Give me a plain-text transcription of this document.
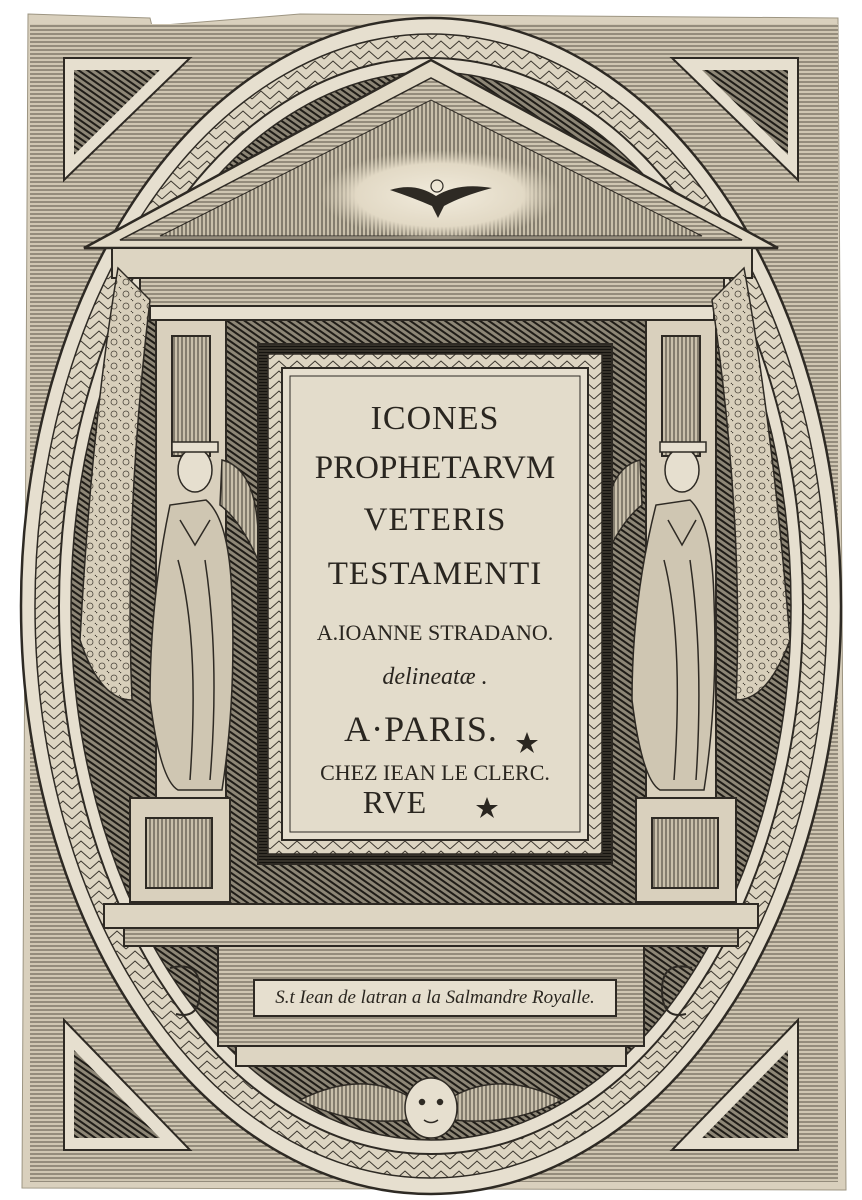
ICONES
PROPHETARVM
VETERIS
TESTAMENTI
A.IOANNE STRADANO.
delineatæ .
A·PARIS.
CHEZ IEAN LE CLERC.
RVE
S.t Iean de latran a la Salmandre Royalle.
